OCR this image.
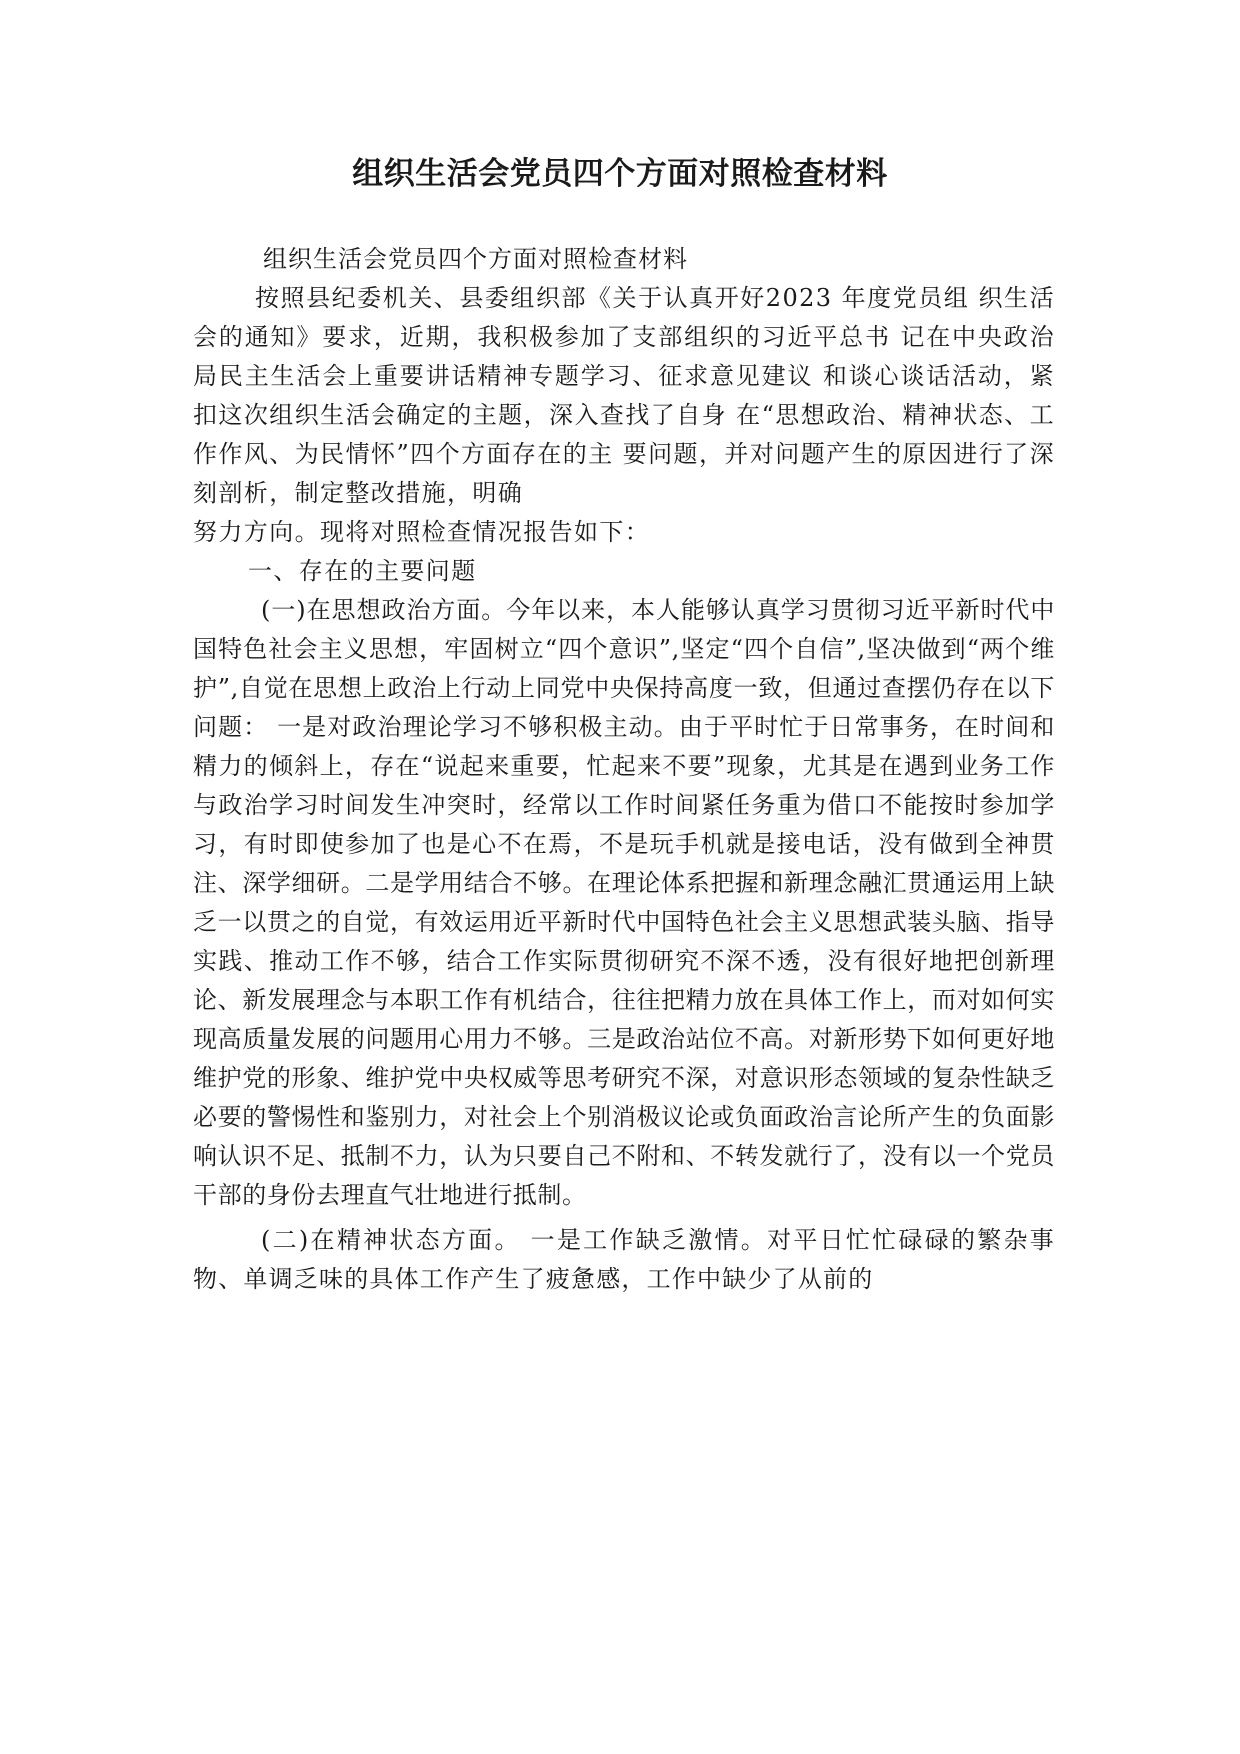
组织生活会党员四个方面对照检查材料

组织生活会党员四个方面对照检查材料

按照县纪委机关、县委组织部《关于认真开好2023 年度党员组 织生活会的通知》要求，近期，我积极参加了支部组织的习近平总书 记在中央政治局民主生活会上重要讲话精神专题学习、征求意见建议 和谈心谈话活动，紧扣这次组织生活会确定的主题，深入查找了自身 在“思想政治、精神状态、工作作风、为民情怀”四个方面存在的主 要问题，并对问题产生的原因进行了深刻剖析，制定整改措施，明确

努力方向。现将对照检查情况报告如下：

一、存在的主要问题

(一)在思想政治方面。今年以来，本人能够认真学习贯彻习近平新时代中国特色社会主义思想，牢固树立“四个意识”,坚定“四个自信”,坚决做到“两个维护”,自觉在思想上政治上行动上同党中央保持高度一致，但通过查摆仍存在以下问题： 一是对政治理论学习不够积极主动。由于平时忙于日常事务，在时间和精力的倾斜上，存在“说起来重要，忙起来不要”现象，尤其是在遇到业务工作与政治学习时间发生冲突时，经常以工作时间紧任务重为借口不能按时参加学习，有时即使参加了也是心不在焉，不是玩手机就是接电话，没有做到全神贯注、深学细研。二是学用结合不够。在理论体系把握和新理念融汇贯通运用上缺乏一以贯之的自觉，有效运用近平新时代中国特色社会主义思想武装头脑、指导实践、推动工作不够，结合工作实际贯彻研究不深不透，没有很好地把创新理论、新发展理念与本职工作有机结合，往往把精力放在具体工作上，而对如何实现高质量发展的问题用心用力不够。三是政治站位不高。对新形势下如何更好地维护党的形象、维护党中央权威等思考研究不深，对意识形态领域的复杂性缺乏必要的警惕性和鉴别力，对社会上个别消极议论或负面政治言论所产生的负面影响认识不足、抵制不力，认为只要自己不附和、不转发就行了，没有以一个党员干部的身份去理直气壮地进行抵制。

(二)在精神状态方面。 一是工作缺乏激情。对平日忙忙碌碌的繁杂事物、单调乏味的具体工作产生了疲惫感，工作中缺少了从前的
